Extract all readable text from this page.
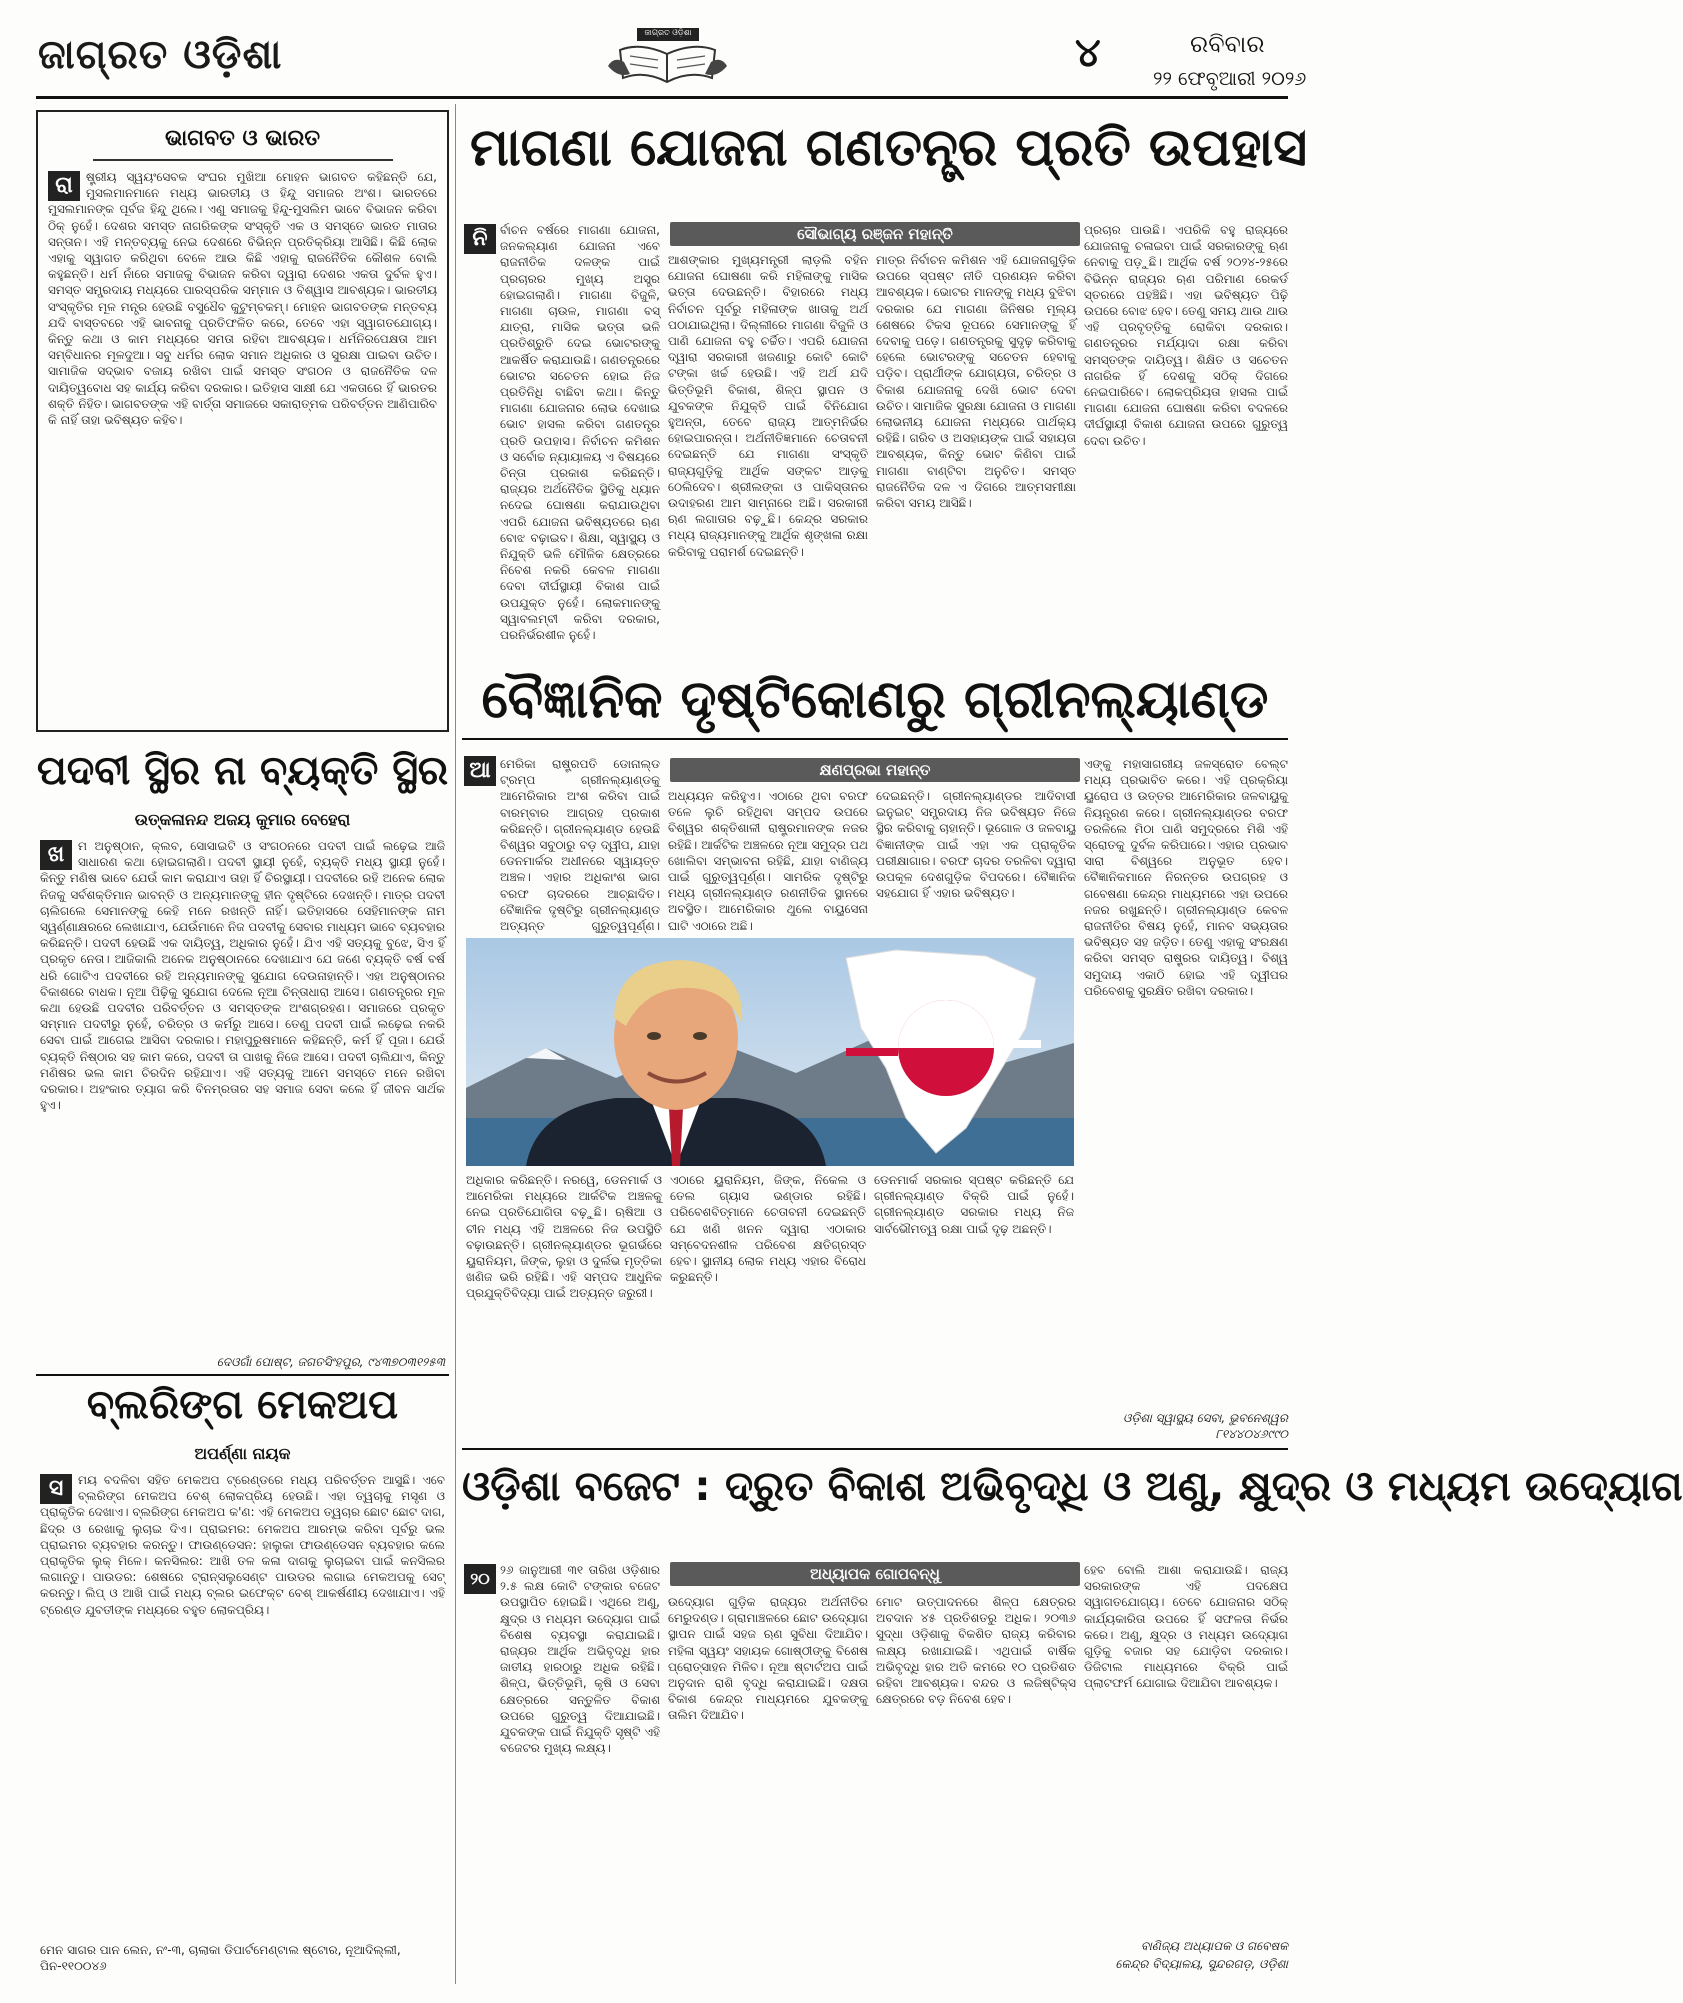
ଜାଗ୍ରତ ଓଡ଼ିଶା	ଜାଗ୍ରତ ଓଡ଼ିଶା	୪	ରବିବାର
୨୨ ଫେବୃଆରୀ ୨୦୨୬
ଭାଗବତ ଓ ଭାରତ
ରା	ଷ୍ଟ୍ରୀୟ ସ୍ୱୟଂସେବକ ସଂଘର ମୁଖିଆ ମୋହନ ଭାଗବତ କହିଛନ୍ତି ଯେ, ମୁସଲମାନମାନେ ମଧ୍ୟ ଭାରତୀୟ ଓ ହିନ୍ଦୁ ସମାଜର ଅଂଶ। ଭାରତରେ ମୁସଲମାନଙ୍କ ପୂର୍ବଜ ହିନ୍ଦୁ ଥିଲେ। ଏଣୁ ସମାଜକୁ ହିନ୍ଦୁ-ମୁସଲିମ ଭାବେ ବିଭାଜନ କରିବା ଠିକ୍ ନୁହେଁ। ଦେଶର ସମସ୍ତ ନାଗରିକଙ୍କ ସଂସ୍କୃତି ଏକ ଓ ସମସ୍ତେ ଭାରତ ମାତାର ସନ୍ତାନ। ଏହି ମନ୍ତବ୍ୟକୁ ନେଇ ଦେଶରେ ବିଭିନ୍ନ ପ୍ରତିକ୍ରିୟା ଆସିଛି। କିଛି ଲୋକ ଏହାକୁ ସ୍ୱାଗତ କରିଥିବା ବେଳେ ଆଉ କିଛି ଏହାକୁ ରାଜନୈତିକ କୌଶଳ ବୋଲି କହୁଛନ୍ତି। ଧର୍ମ ନାଁରେ ସମାଜକୁ ବିଭାଜନ କରିବା ଦ୍ୱାରା ଦେଶର ଏକତା ଦୁର୍ବଳ ହୁଏ। ସମସ୍ତ ସମ୍ପ୍ରଦାୟ ମଧ୍ୟରେ ପାରସ୍ପରିକ ସମ୍ମାନ ଓ ବିଶ୍ୱାସ ଆବଶ୍ୟକ। ଭାରତୀୟ ସଂସ୍କୃତିର ମୂଳ ମନ୍ତ୍ର ହେଉଛି ବସୁଧୈବ କୁଟୁମ୍ବକମ୍। ମୋହନ ଭାଗବତଙ୍କ ମନ୍ତବ୍ୟ ଯଦି ବାସ୍ତବରେ ଏହି ଭାବନାକୁ ପ୍ରତିଫଳିତ କରେ, ତେବେ ଏହା ସ୍ୱାଗତଯୋଗ୍ୟ। କିନ୍ତୁ କଥା ଓ କାମ ମଧ୍ୟରେ ସମତା ରହିବା ଆବଶ୍ୟକ। ଧର୍ମନିରପେକ୍ଷତା ଆମ ସମ୍ବିଧାନର ମୂଳଦୁଆ। ସବୁ ଧର୍ମର ଲୋକ ସମାନ ଅଧିକାର ଓ ସୁରକ୍ଷା ପାଇବା ଉଚିତ। ସାମାଜିକ ସଦ୍ଭାବ ବଜାୟ ରଖିବା ପାଇଁ ସମସ୍ତ ସଂଗଠନ ଓ ରାଜନୈତିକ ଦଳ ଦାୟିତ୍ୱବୋଧ ସହ କାର୍ଯ୍ୟ କରିବା ଦରକାର। ଇତିହାସ ସାକ୍ଷୀ ଯେ ଏକତାରେ ହିଁ ଭାରତର ଶକ୍ତି ନିହିତ। ଭାଗବତଙ୍କ ଏହି ବାର୍ତ୍ତା ସମାଜରେ ସକାରାତ୍ମକ ପରିବର୍ତ୍ତନ ଆଣିପାରିବ କି ନାହିଁ ତାହା ଭବିଷ୍ୟତ କହିବ।
ପଦବୀ ସ୍ଥିର ନା ବ୍ୟକ୍ତି ସ୍ଥିର
ଉତ୍କଳାନନ୍ଦ ଅଜୟ କୁମାର ବେହେରା
ଖ	ମ ଅନୁଷ୍ଠାନ, କ୍ଲବ, ସୋସାଇଟି ଓ ସଂଗଠନରେ ପଦବୀ ପାଇଁ ଲଢ଼େଇ ଆଜି ସାଧାରଣ କଥା ହୋଇଗଲାଣି। ପଦବୀ ସ୍ଥାୟୀ ନୁହେଁ, ବ୍ୟକ୍ତି ମଧ୍ୟ ସ୍ଥାୟୀ ନୁହେଁ। କିନ୍ତୁ ମଣିଷ ଭାବେ ଯେଉଁ କାମ କରାଯାଏ ତାହା ହିଁ ଚିରସ୍ଥାୟୀ। ପଦବୀରେ ରହି ଅନେକ ଲୋକ ନିଜକୁ ସର୍ବଶକ୍ତିମାନ ଭାବନ୍ତି ଓ ଅନ୍ୟମାନଙ୍କୁ ହୀନ ଦୃଷ୍ଟିରେ ଦେଖନ୍ତି। ମାତ୍ର ପଦବୀ ଚାଲିଗଲେ ସେମାନଙ୍କୁ କେହି ମନେ ରଖନ୍ତି ନାହିଁ। ଇତିହାସରେ ସେହିମାନଙ୍କ ନାମ ସ୍ୱର୍ଣ୍ଣାକ୍ଷରରେ ଲେଖାଯାଏ, ଯେଉଁମାନେ ନିଜ ପଦବୀକୁ ସେବାର ମାଧ୍ୟମ ଭାବେ ବ୍ୟବହାର କରିଛନ୍ତି। ପଦବୀ ହେଉଛି ଏକ ଦାୟିତ୍ୱ, ଅଧିକାର ନୁହେଁ। ଯିଏ ଏହି ସତ୍ୟକୁ ବୁଝେ, ସିଏ ହିଁ ପ୍ରକୃତ ନେତା। ଆଜିକାଲି ଅନେକ ଅନୁଷ୍ଠାନରେ ଦେଖାଯାଏ ଯେ ଜଣେ ବ୍ୟକ୍ତି ବର୍ଷ ବର୍ଷ ଧରି ଗୋଟିଏ ପଦବୀରେ ରହି ଅନ୍ୟମାନଙ୍କୁ ସୁଯୋଗ ଦେଉନାହାନ୍ତି। ଏହା ଅନୁଷ୍ଠାନର ବିକାଶରେ ବାଧକ। ନୂଆ ପିଢ଼ିକୁ ସୁଯୋଗ ଦେଲେ ନୂଆ ଚିନ୍ତାଧାରା ଆସେ। ଗଣତନ୍ତ୍ରର ମୂଳ କଥା ହେଉଛି ପଦବୀର ପରିବର୍ତ୍ତନ ଓ ସମସ୍ତଙ୍କ ଅଂଶଗ୍ରହଣ। ସମାଜରେ ପ୍ରକୃତ ସମ୍ମାନ ପଦବୀରୁ ନୁହେଁ, ଚରିତ୍ର ଓ କର୍ମରୁ ଆସେ। ତେଣୁ ପଦବୀ ପାଇଁ ଲଢ଼େଇ ନକରି ସେବା ପାଇଁ ଆଗେଇ ଆସିବା ଦରକାର। ମହାପୁରୁଷମାନେ କହିଛନ୍ତି, କର୍ମ ହିଁ ପୂଜା। ଯେଉଁ ବ୍ୟକ୍ତି ନିଷ୍ଠାର ସହ କାମ କରେ, ପଦବୀ ତା ପାଖକୁ ନିଜେ ଆସେ। ପଦବୀ ଚାଲିଯାଏ, କିନ୍ତୁ ମଣିଷର ଭଲ କାମ ଚିରଦିନ ରହିଯାଏ। ଏହି ସତ୍ୟକୁ ଆମେ ସମସ୍ତେ ମନେ ରଖିବା ଦରକାର। ଅହଂକାର ତ୍ୟାଗ କରି ବିନମ୍ରତାର ସହ ସମାଜ ସେବା କଲେ ହିଁ ଜୀବନ ସାର୍ଥକ ହୁଏ।
ଦେଓଗାଁ ପୋଷ୍ଟ, ଜଗତସିଂହପୁର, ୯୪୩୭୦୩୧୨୫୩
ବ୍ଲରିଙ୍ଗ ମେକଅପ
ଅପର୍ଣ୍ଣା ନାୟକ
ସ	ମୟ ବଦଳିବା ସହିତ ମେକଅପ ଟ୍ରେଣ୍ଡରେ ମଧ୍ୟ ପରିବର୍ତ୍ତନ ଆସୁଛି। ଏବେ ବ୍ଲରିଙ୍ଗ ମେକଅପ ବେଶ୍ ଲୋକପ୍ରିୟ ହେଉଛି। ଏହା ତ୍ୱଚାକୁ ମସୃଣ ଓ ପ୍ରାକୃତିକ ଦେଖାଏ। ବ୍ଲରିଙ୍ଗ ମେକଅପ କ'ଣ: ଏହି ମେକଅପ ତ୍ୱଚାର ଛୋଟ ଛୋଟ ଦାଗ, ଛିଦ୍ର ଓ ରେଖାକୁ ଲୁଚାଇ ଦିଏ। ପ୍ରାଇମର: ମେକଅପ ଆରମ୍ଭ କରିବା ପୂର୍ବରୁ ଭଲ ପ୍ରାଇମର ବ୍ୟବହାର କରନ୍ତୁ। ଫାଉଣ୍ଡେସନ: ହାଲୁକା ଫାଉଣ୍ଡେସନ ବ୍ୟବହାର କଲେ ପ୍ରାକୃତିକ ଲୁକ୍ ମିଳେ। କନସିଲର: ଆଖି ତଳ କଳା ଦାଗକୁ ଲୁଚାଇବା ପାଇଁ କନସିଲର ଲଗାନ୍ତୁ। ପାଉଡର: ଶେଷରେ ଟ୍ରାନ୍ସଲୁସେଣ୍ଟ ପାଉଡର ଲଗାଇ ମେକଅପକୁ ସେଟ୍ କରନ୍ତୁ। ଲିପ୍ ଓ ଆଖି ପାଇଁ ମଧ୍ୟ ବ୍ଲର ଇଫେକ୍ଟ ବେଶ୍ ଆକର୍ଷଣୀୟ ଦେଖାଯାଏ। ଏହି ଟ୍ରେଣ୍ଡ ଯୁବତୀଙ୍କ ମଧ୍ୟରେ ବହୁତ ଲୋକପ୍ରିୟ।
ମେନ ସାଗର ପାନ ଲେନ, ନଂ-୩, ଚାଲାକା ଡିପାର୍ଟମେଣ୍ଟାଲ ଷ୍ଟୋର, ନୂଆଦିଲ୍ଲୀ, ପିନ-୧୧୦୦୪୬
ମାଗଣା ଯୋଜନା ଗଣତନ୍ତ୍ର ପ୍ରତି ଉପହାସ
ନି	ସୌଭାଗ୍ୟ ରଞ୍ଜନ ମହାନ୍ତି
ର୍ବାଚନ ବର୍ଷରେ ମାଗଣା ଯୋଜନା, ଜନକଲ୍ୟାଣ ଯୋଜନା ଏବେ ରାଜନୀତିକ ଦଳଙ୍କ ପାଇଁ ପ୍ରଚାରର ମୁଖ୍ୟ ଅସ୍ତ୍ର ହୋଇଗଲାଣି। ମାଗଣା ବିଜୁଳି, ମାଗଣା ଚାଉଳ, ମାଗଣା ବସ୍ ଯାତ୍ରା, ମାସିକ ଭତ୍ତା ଭଳି ପ୍ରତିଶ୍ରୁତି ଦେଇ ଭୋଟରଙ୍କୁ ଆକର୍ଷିତ କରାଯାଉଛି। ଗଣତନ୍ତ୍ରରେ ଭୋଟର ସଚେତନ ହୋଇ ନିଜ ପ୍ରତିନିଧି ବାଛିବା କଥା। କିନ୍ତୁ ମାଗଣା ଯୋଜନାର ଲୋଭ ଦେଖାଇ ଭୋଟ ହାସଲ କରିବା ଗଣତନ୍ତ୍ର ପ୍ରତି ଉପହାସ। ନିର୍ବାଚନ କମିଶନ ଓ ସର୍ବୋଚ୍ଚ ନ୍ୟାୟାଳୟ ଏ ବିଷୟରେ ଚିନ୍ତା ପ୍ରକାଶ କରିଛନ୍ତି। ରାଜ୍ୟର ଅର୍ଥନୈତିକ ସ୍ଥିତିକୁ ଧ୍ୟାନ ନଦେଇ ଘୋଷଣା କରାଯାଉଥିବା ଏପରି ଯୋଜନା ଭବିଷ୍ୟତରେ ଋଣ ବୋଝ ବଢ଼ାଇବ। ଶିକ୍ଷା, ସ୍ୱାସ୍ଥ୍ୟ ଓ ନିଯୁକ୍ତି ଭଳି ମୌଳିକ କ୍ଷେତ୍ରରେ ନିବେଶ ନକରି କେବଳ ମାଗଣା ଦେବା ଦୀର୍ଘସ୍ଥାୟୀ ବିକାଶ ପାଇଁ ଉପଯୁକ୍ତ ନୁହେଁ। ଲୋକମାନଙ୍କୁ ସ୍ୱାବଲମ୍ବୀ କରିବା ଦରକାର, ପରନିର୍ଭରଶୀଳ ନୁହେଁ।
ଆଶଙ୍କାର ମୁଖ୍ୟମନ୍ତ୍ରୀ ଲାଡ଼ଲି ବହିନ ଯୋଜନା ଘୋଷଣା କରି ମହିଳାଙ୍କୁ ମାସିକ ଭତ୍ତା ଦେଉଛନ୍ତି। ବିହାରରେ ମଧ୍ୟ ନିର୍ବାଚନ ପୂର୍ବରୁ ମହିଳାଙ୍କ ଖାତାକୁ ଅର୍ଥ ପଠାଯାଇଥିଲା। ଦିଲ୍ଲୀରେ ମାଗଣା ବିଜୁଳି ଓ ପାଣି ଯୋଜନା ବହୁ ଚର୍ଚ୍ଚିତ। ଏପରି ଯୋଜନା ଦ୍ୱାରା ସରକାରୀ ଖଜଣାରୁ କୋଟି କୋଟି ଟଙ୍କା ଖର୍ଚ୍ଚ ହେଉଛି। ଏହି ଅର୍ଥ ଯଦି ଭିତ୍ତିଭୂମି ବିକାଶ, ଶିଳ୍ପ ସ୍ଥାପନ ଓ ଯୁବକଙ୍କ ନିଯୁକ୍ତି ପାଇଁ ବିନିଯୋଗ ହୁଅନ୍ତା, ତେବେ ରାଜ୍ୟ ଆତ୍ମନିର୍ଭର ହୋଇପାରନ୍ତା। ଅର୍ଥନୀତିଜ୍ଞମାନେ ଚେତାବନୀ ଦେଇଛନ୍ତି ଯେ ମାଗଣା ସଂସ୍କୃତି ରାଜ୍ୟଗୁଡ଼ିକୁ ଆର୍ଥିକ ସଙ୍କଟ ଆଡ଼କୁ ଠେଲିଦେବ। ଶ୍ରୀଲଙ୍କା ଓ ପାକିସ୍ତାନର ଉଦାହରଣ ଆମ ସାମ୍ନାରେ ଅଛି। ସରକାରୀ ଋଣ ଲଗାତାର ବଢ଼ୁଛି। କେନ୍ଦ୍ର ସରକାର ମଧ୍ୟ ରାଜ୍ୟମାନଙ୍କୁ ଆର୍ଥିକ ଶୃଙ୍ଖଳା ରକ୍ଷା କରିବାକୁ ପରାମର୍ଶ ଦେଇଛନ୍ତି।
ମାତ୍ର ନିର୍ବାଚନ କମିଶନ ଏହି ଯୋଜନାଗୁଡ଼ିକ ଉପରେ ସ୍ପଷ୍ଟ ନୀତି ପ୍ରଣୟନ କରିବା ଆବଶ୍ୟକ। ଭୋଟର ମାନଙ୍କୁ ମଧ୍ୟ ବୁଝିବା ଦରକାର ଯେ ମାଗଣା ଜିନିଷର ମୂଲ୍ୟ ଶେଷରେ ଟିକସ ରୂପରେ ସେମାନଙ୍କୁ ହିଁ ଦେବାକୁ ପଡ଼େ। ଗଣତନ୍ତ୍ରକୁ ସୁଦୃଢ଼ କରିବାକୁ ହେଲେ ଭୋଟରଙ୍କୁ ସଚେତନ ହେବାକୁ ପଡ଼ିବ। ପ୍ରାର୍ଥୀଙ୍କ ଯୋଗ୍ୟତା, ଚରିତ୍ର ଓ ବିକାଶ ଯୋଜନାକୁ ଦେଖି ଭୋଟ ଦେବା ଉଚିତ। ସାମାଜିକ ସୁରକ୍ଷା ଯୋଜନା ଓ ମାଗଣା ଲୋଭନୀୟ ଯୋଜନା ମଧ୍ୟରେ ପାର୍ଥକ୍ୟ ରହିଛି। ଗରିବ ଓ ଅସହାୟଙ୍କ ପାଇଁ ସହାୟତା ଆବଶ୍ୟକ, କିନ୍ତୁ ଭୋଟ କିଣିବା ପାଇଁ ମାଗଣା ବାଣ୍ଟିବା ଅନୁଚିତ। ସମସ୍ତ ରାଜନୈତିକ ଦଳ ଏ ଦିଗରେ ଆତ୍ମସମୀକ୍ଷା କରିବା ସମୟ ଆସିଛି।
ପ୍ରଚାର ପାଉଛି। ଏପରିକି ବହୁ ରାଜ୍ୟରେ ଯୋଜନାକୁ ଚଳାଇବା ପାଇଁ ସରକାରଙ୍କୁ ଋଣ ନେବାକୁ ପଡ଼ୁଛି। ଆର୍ଥିକ ବର୍ଷ ୨୦୨୪-୨୫ରେ ବିଭିନ୍ନ ରାଜ୍ୟର ଋଣ ପରିମାଣ ରେକର୍ଡ ସ୍ତରରେ ପହଞ୍ଚିଛି। ଏହା ଭବିଷ୍ୟତ ପିଢ଼ି ଉପରେ ବୋଝ ହେବ। ତେଣୁ ସମୟ ଥାଉ ଥାଉ ଏହି ପ୍ରବୃତ୍ତିକୁ ରୋକିବା ଦରକାର। ଗଣତନ୍ତ୍ରର ମର୍ଯ୍ୟାଦା ରକ୍ଷା କରିବା ସମସ୍ତଙ୍କ ଦାୟିତ୍ୱ। ଶିକ୍ଷିତ ଓ ସଚେତନ ନାଗରିକ ହିଁ ଦେଶକୁ ସଠିକ୍ ଦିଗରେ ନେଇପାରିବେ। ଲୋକପ୍ରିୟତା ହାସଲ ପାଇଁ ମାଗଣା ଯୋଜନା ଘୋଷଣା କରିବା ବଦଳରେ ଦୀର୍ଘସ୍ଥାୟୀ ବିକାଶ ଯୋଜନା ଉପରେ ଗୁରୁତ୍ୱ ଦେବା ଉଚିତ।
ବୈଜ୍ଞାନିକ ଦୃଷ୍ଟିକୋଣରୁ ଗ୍ରୀନଲ୍ୟାଣ୍ଡ
ଆ	କ୍ଷଣପ୍ରଭା ମହାନ୍ତ
ମେରିକା ରାଷ୍ଟ୍ରପତି ଡୋନାଲ୍ଡ ଟ୍ରମ୍ପ ଗ୍ରୀନଲ୍ୟାଣ୍ଡକୁ ଆମେରିକାର ଅଂଶ କରିବା ପାଇଁ ବାରମ୍ବାର ଆଗ୍ରହ ପ୍ରକାଶ କରିଛନ୍ତି। ଗ୍ରୀନଲ୍ୟାଣ୍ଡ ହେଉଛି ବିଶ୍ୱର ସବୁଠାରୁ ବଡ଼ ଦ୍ୱୀପ, ଯାହା ଡେନମାର୍କର ଅଧୀନରେ ସ୍ୱାୟତ୍ତ ଅଞ୍ଚଳ। ଏହାର ଅଧିକାଂଶ ଭାଗ ବରଫ ଚାଦରରେ ଆଚ୍ଛାଦିତ। ବୈଜ୍ଞାନିକ ଦୃଷ୍ଟିରୁ ଗ୍ରୀନଲ୍ୟାଣ୍ଡ ଅତ୍ୟନ୍ତ ଗୁରୁତ୍ୱପୂର୍ଣ୍ଣ।
ଅଧ୍ୟୟନ କରିହୁଏ। ଏଠାରେ ଥିବା ବରଫ ତଳେ ଲୁଚି ରହିଥିବା ସମ୍ପଦ ଉପରେ ବିଶ୍ୱର ଶକ୍ତିଶାଳୀ ରାଷ୍ଟ୍ରମାନଙ୍କ ନଜର ରହିଛି। ଆର୍କଟିକ ଅଞ୍ଚଳରେ ନୂଆ ସମୁଦ୍ର ପଥ ଖୋଲିବା ସମ୍ଭାବନା ରହିଛି, ଯାହା ବାଣିଜ୍ୟ ପାଇଁ ଗୁରୁତ୍ୱପୂର୍ଣ୍ଣ। ସାମରିକ ଦୃଷ୍ଟିରୁ ମଧ୍ୟ ଗ୍ରୀନଲ୍ୟାଣ୍ଡ ରଣନୀତିକ ସ୍ଥାନରେ ଅବସ୍ଥିତ। ଆମେରିକାର ଥୁଲେ ବାୟୁସେନା ଘାଟି ଏଠାରେ ଅଛି।
ଦେଇଛନ୍ତି। ଗ୍ରୀନଲ୍ୟାଣ୍ଡର ଆଦିବାସୀ ଇନୁଇଟ୍ ସମ୍ପ୍ରଦାୟ ନିଜ ଭବିଷ୍ୟତ ନିଜେ ସ୍ଥିର କରିବାକୁ ଚାହାନ୍ତି। ଭୂଗୋଳ ଓ ଜଳବାୟୁ ବିଜ୍ଞାନୀଙ୍କ ପାଇଁ ଏହା ଏକ ପ୍ରାକୃତିକ ପରୀକ୍ଷାଗାର। ବରଫ ଚାଦର ତରଳିବା ଦ୍ୱାରା ଉପକୂଳ ଦେଶଗୁଡ଼ିକ ବିପଦରେ। ବୈଜ୍ଞାନିକ ସହଯୋଗ ହିଁ ଏହାର ଭବିଷ୍ୟତ।
ଏଙ୍କୁ ମହାସାଗରୀୟ ଜଳସ୍ରୋତ ବେଲ୍ଟ ମଧ୍ୟ ପ୍ରଭାବିତ କରେ। ଏହି ପ୍ରକ୍ରିୟା ୟୁରୋପ ଓ ଉତ୍ତର ଆମେରିକାର ଜଳବାୟୁକୁ ନିୟନ୍ତ୍ରଣ କରେ। ଗ୍ରୀନଲ୍ୟାଣ୍ଡର ବରଫ ତରଳିଲେ ମିଠା ପାଣି ସମୁଦ୍ରରେ ମିଶି ଏହି ସ୍ରୋତକୁ ଦୁର୍ବଳ କରିପାରେ। ଏହାର ପ୍ରଭାବ ସାରା ବିଶ୍ୱରେ ଅନୁଭୂତ ହେବ। ବୈଜ୍ଞାନିକମାନେ ନିରନ୍ତର ଉପଗ୍ରହ ଓ ଗବେଷଣା କେନ୍ଦ୍ର ମାଧ୍ୟମରେ ଏହା ଉପରେ ନଜର ରଖୁଛନ୍ତି। ଗ୍ରୀନଲ୍ୟାଣ୍ଡ କେବଳ ରାଜନୀତିର ବିଷୟ ନୁହେଁ, ମାନବ ସଭ୍ୟତାର ଭବିଷ୍ୟତ ସହ ଜଡ଼ିତ। ତେଣୁ ଏହାକୁ ସଂରକ୍ଷଣ କରିବା ସମସ୍ତ ରାଷ୍ଟ୍ରର ଦାୟିତ୍ୱ। ବିଶ୍ୱ ସମୁଦାୟ ଏକାଠି ହୋଇ ଏହି ଦ୍ୱୀପର ପରିବେଶକୁ ସୁରକ୍ଷିତ ରଖିବା ଦରକାର।
ଅଧିକାର କରିଛନ୍ତି। ନରୱେ, ଡେନମାର୍କ ଓ ଆମେରିକା ମଧ୍ୟରେ ଆର୍କଟିକ ଅଞ୍ଚଳକୁ ନେଇ ପ୍ରତିଯୋଗିତା ବଢ଼ୁଛି। ଋଷିଆ ଓ ଚୀନ ମଧ୍ୟ ଏହି ଅଞ୍ଚଳରେ ନିଜ ଉପସ୍ଥିତି ବଢ଼ାଉଛନ୍ତି। ଗ୍ରୀନଲ୍ୟାଣ୍ଡର ଭୂଗର୍ଭରେ ୟୁରାନିୟମ, ଜିଙ୍କ, ଲୁହା ଓ ଦୁର୍ଲଭ ମୃତ୍ତିକା ଖଣିଜ ଭରି ରହିଛି। ଏହି ସମ୍ପଦ ଆଧୁନିକ ପ୍ରଯୁକ୍ତିବିଦ୍ୟା ପାଇଁ ଅତ୍ୟନ୍ତ ଜରୁରୀ।
ଏଠାରେ ୟୁରାନିୟମ, ଜିଙ୍କ, ନିକେଲ ଓ ତେଲ ଗ୍ୟାସ ଭଣ୍ଡାର ରହିଛି। ପରିବେଶବିତ୍ମାନେ ଚେତାବନୀ ଦେଇଛନ୍ତି ଯେ ଖଣି ଖନନ ଦ୍ୱାରା ଏଠାକାର ସମ୍ବେଦନଶୀଳ ପରିବେଶ କ୍ଷତିଗ୍ରସ୍ତ ହେବ। ସ୍ଥାନୀୟ ଲୋକ ମଧ୍ୟ ଏହାର ବିରୋଧ କରୁଛନ୍ତି।
ଡେନମାର୍କ ସରକାର ସ୍ପଷ୍ଟ କରିଛନ୍ତି ଯେ ଗ୍ରୀନଲ୍ୟାଣ୍ଡ ବିକ୍ରି ପାଇଁ ନୁହେଁ। ଗ୍ରୀନଲ୍ୟାଣ୍ଡ ସରକାର ମଧ୍ୟ ନିଜ ସାର୍ବଭୌମତ୍ୱ ରକ୍ଷା ପାଇଁ ଦୃଢ଼ ଅଛନ୍ତି।
ଓଡ଼ିଶା ସ୍ୱାସ୍ଥ୍ୟ ସେବା, ଭୁବନେଶ୍ୱର ୮୧୪୪୦୪୬୯୯୦
ଓଡ଼ିଶା ବଜେଟ : ଦ୍ରୁତ ବିକାଶ ଅଭିବୃଦ୍ଧି ଓ ଅଣୁ, କ୍ଷୁଦ୍ର ଓ ମଧ୍ୟମ ଉଦ୍ୟୋଗ
୨୦	ଅଧ୍ୟାପକ ଗୋପବନ୍ଧୁ
୨୬ ଜାନୁଆରୀ ୩୧ ତାରିଖ ଓଡ଼ିଶାର ୨.୫ ଲକ୍ଷ କୋଟି ଟଙ୍କାର ବଜେଟ ଉପସ୍ଥାପିତ ହୋଇଛି। ଏଥିରେ ଅଣୁ, କ୍ଷୁଦ୍ର ଓ ମଧ୍ୟମ ଉଦ୍ୟୋଗ ପାଇଁ ବିଶେଷ ବ୍ୟବସ୍ଥା କରାଯାଇଛି। ରାଜ୍ୟର ଆର୍ଥିକ ଅଭିବୃଦ୍ଧି ହାର ଜାତୀୟ ହାରଠାରୁ ଅଧିକ ରହିଛି। ଶିଳ୍ପ, ଭିତ୍ତିଭୂମି, କୃଷି ଓ ସେବା କ୍ଷେତ୍ରରେ ସନ୍ତୁଳିତ ବିକାଶ ଉପରେ ଗୁରୁତ୍ୱ ଦିଆଯାଇଛି। ଯୁବକଙ୍କ ପାଇଁ ନିଯୁକ୍ତି ସୃଷ୍ଟି ଏହି ବଜେଟର ମୁଖ୍ୟ ଲକ୍ଷ୍ୟ।
ଉଦ୍ୟୋଗ ଗୁଡ଼ିକ ରାଜ୍ୟର ଅର୍ଥନୀତିର ମେରୁଦଣ୍ଡ। ଗ୍ରାମାଞ୍ଚଳରେ ଛୋଟ ଉଦ୍ୟୋଗ ସ୍ଥାପନ ପାଇଁ ସହଜ ଋଣ ସୁବିଧା ଦିଆଯିବ। ମହିଳା ସ୍ୱୟଂ ସହାୟକ ଗୋଷ୍ଠୀଙ୍କୁ ବିଶେଷ ପ୍ରୋତ୍ସାହନ ମିଳିବ। ନୂଆ ଷ୍ଟାର୍ଟଅପ ପାଇଁ ଅନୁଦାନ ରାଶି ବୃଦ୍ଧି କରାଯାଇଛି। ଦକ୍ଷତା ବିକାଶ କେନ୍ଦ୍ର ମାଧ୍ୟମରେ ଯୁବକଙ୍କୁ ତାଲିମ ଦିଆଯିବ।
ମୋଟ ଉତ୍ପାଦନରେ ଶିଳ୍ପ କ୍ଷେତ୍ରର ଅବଦାନ ୪୫ ପ୍ରତିଶତରୁ ଅଧିକ। ୨୦୩୬ ସୁଦ୍ଧା ଓଡ଼ିଶାକୁ ବିକଶିତ ରାଜ୍ୟ କରିବାର ଲକ୍ଷ୍ୟ ରଖାଯାଇଛି। ଏଥିପାଇଁ ବାର୍ଷିକ ଅଭିବୃଦ୍ଧି ହାର ଅତି କମରେ ୧୦ ପ୍ରତିଶତ ରହିବା ଆବଶ୍ୟକ। ବନ୍ଦର ଓ ଲଜିଷ୍ଟିକ୍ସ କ୍ଷେତ୍ରରେ ବଡ଼ ନିବେଶ ହେବ।
ହେବ ବୋଲି ଆଶା କରାଯାଉଛି। ରାଜ୍ୟ ସରକାରଙ୍କ ଏହି ପଦକ୍ଷେପ ସ୍ୱାଗତଯୋଗ୍ୟ। ତେବେ ଯୋଜନାର ସଠିକ୍ କାର୍ଯ୍ୟକାରିତା ଉପରେ ହିଁ ସଫଳତା ନିର୍ଭର କରେ। ଅଣୁ, କ୍ଷୁଦ୍ର ଓ ମଧ୍ୟମ ଉଦ୍ୟୋଗ ଗୁଡ଼ିକୁ ବଜାର ସହ ଯୋଡ଼ିବା ଦରକାର। ଡିଜିଟାଲ ମାଧ୍ୟମରେ ବିକ୍ରି ପାଇଁ ପ୍ଲାଟଫର୍ମ ଯୋଗାଇ ଦିଆଯିବା ଆବଶ୍ୟକ।
ବାଣିଜ୍ୟ ଅଧ୍ୟାପକ ଓ ଗବେଷକ
କେନ୍ଦ୍ର ବିଦ୍ୟାଳୟ, ସୁନ୍ଦରଗଡ଼, ଓଡ଼ିଶା
